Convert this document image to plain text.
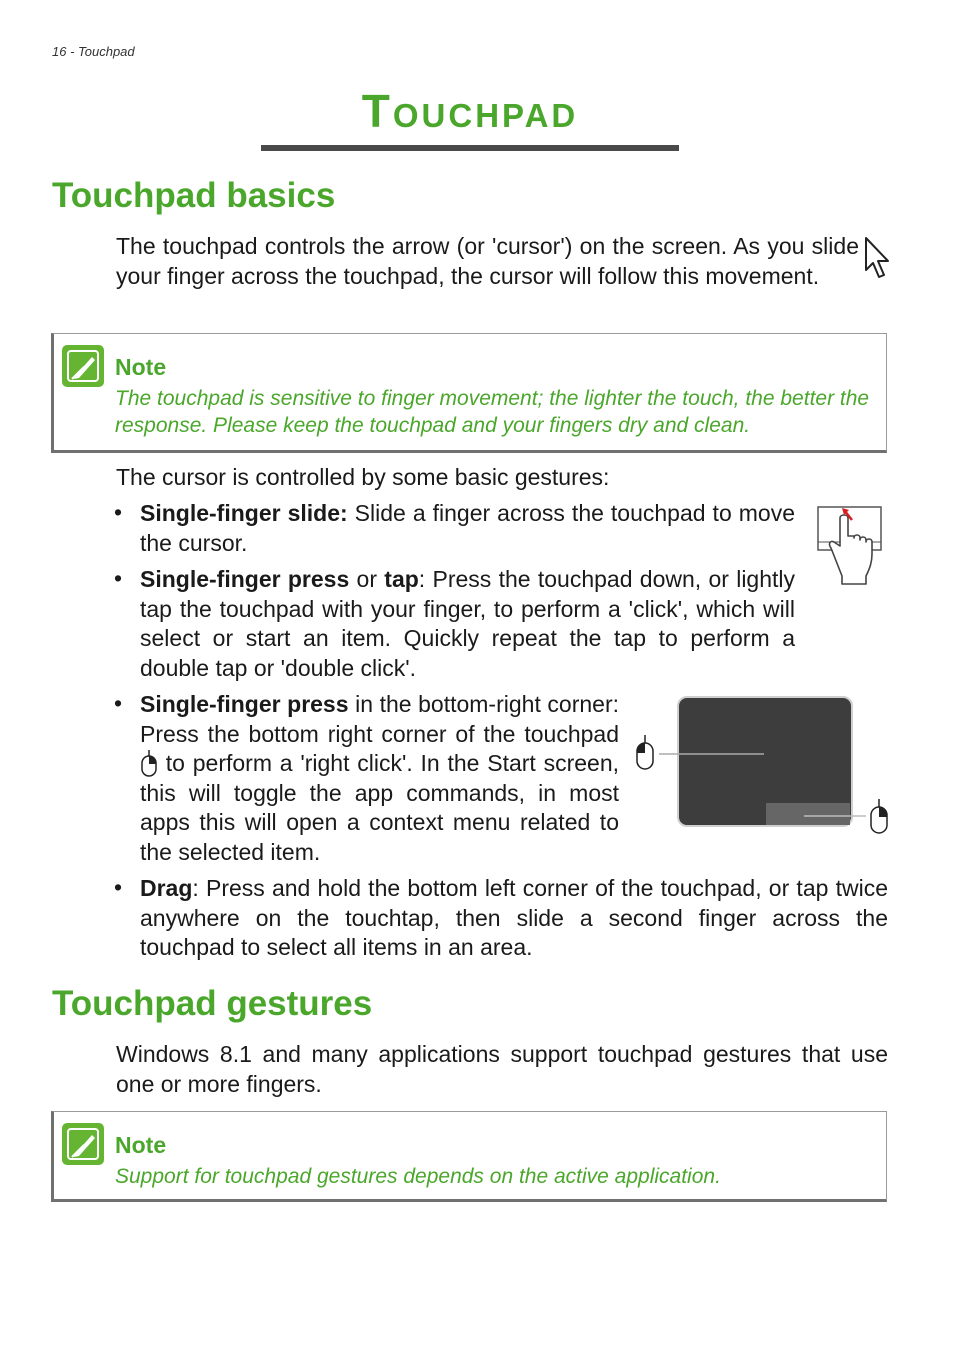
16 - Touchpad
TOUCHPAD
Touchpad basics
The touchpad controls the arrow (or 'cursor') on the screen. As you slide your finger across the touchpad, the cursor will follow this movement.
Note
The touchpad is sensitive to finger movement; the lighter the touch, the better the response. Please keep the touchpad and your fingers dry and clean.
The cursor is controlled by some basic gestures:
• Single-finger slide: Slide a finger across the touchpad to move the cursor.
• Single-finger press or tap: Press the touchpad down, or lightly tap the touchpad with your finger, to perform a 'click', which will select or start an item. Quickly repeat the tap to perform a double tap or 'double click'.
• Single-finger press in the bottom-right corner: Press the bottom right corner of the touchpad  to perform a 'right click'. In the Start screen, this will toggle the app commands, in most apps this will open a context menu related to the selected item.
• Drag: Press and hold the bottom left corner of the touchpad, or tap twice anywhere on the touchtap, then slide a second finger across the touchpad to select all items in an area.
Touchpad gestures
Windows 8.1 and many applications support touchpad gestures that use one or more fingers.
Note
Support for touchpad gestures depends on the active application.
